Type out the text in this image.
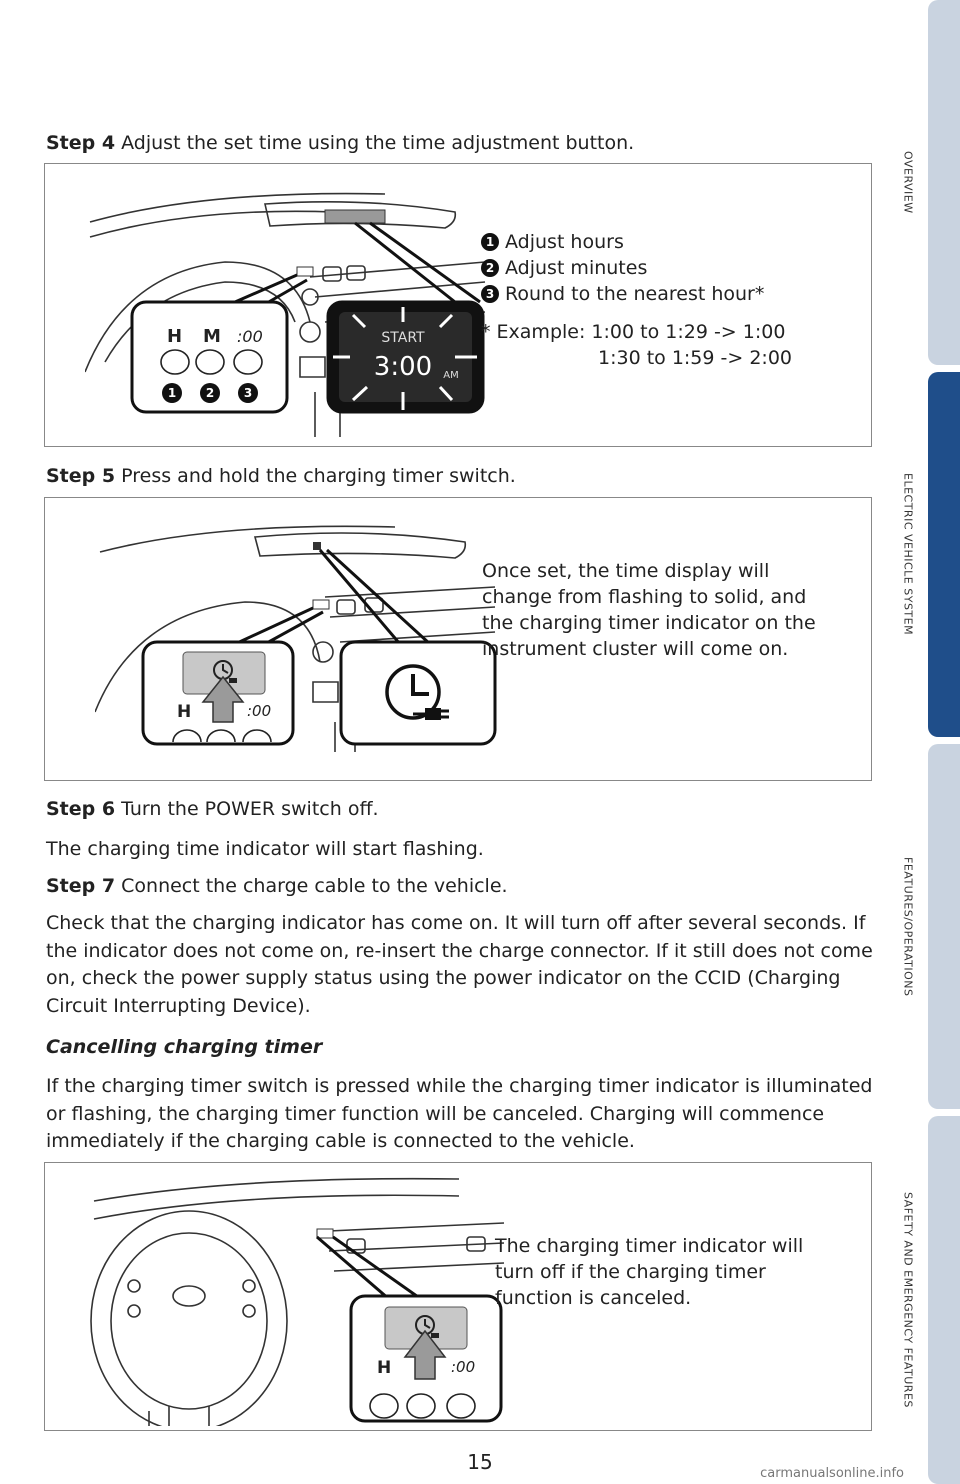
Step 4 Adjust the set time using the time adjustment button.

H M :00
1 2 3
START
3:00 AM
1 Adjust hours
2 Adjust minutes
3 Round to the nearest hour*
* Example: 1:00 to 1:29 -> 1:00
1:30 to 1:59 -> 2:00

Step 5 Press and hold the charging timer switch.

H	:00
Once set, the time display will change from flashing to solid, and the charging timer indicator on the instrument cluster will come on.

Step 6 Turn the POWER switch off.

The charging time indicator will start flashing.

Step 7 Connect the charge cable to the vehicle.

Check that the charging indicator has come on. It will turn off after several seconds. If the indicator does not come on, re-insert the charge connector. If it still does not come on, check the power supply status using the power indicator on the CCID (Charging Circuit Interrupting Device).

Cancelling charging timer

If the charging timer switch is pressed while the charging timer indicator is illuminated or flashing, the charging timer function will be canceled. Charging will commence immediately if the charging cable is connected to the vehicle.

H	:00
The charging timer indicator will turn off if the charging timer function is canceled.
OVERVIEW
ELECTRIC VEHICLE SYSTEM
FEATURES/OPERATIONS
SAFETY AND EMERGENCY FEATURES
15	carmanualsonline.info
